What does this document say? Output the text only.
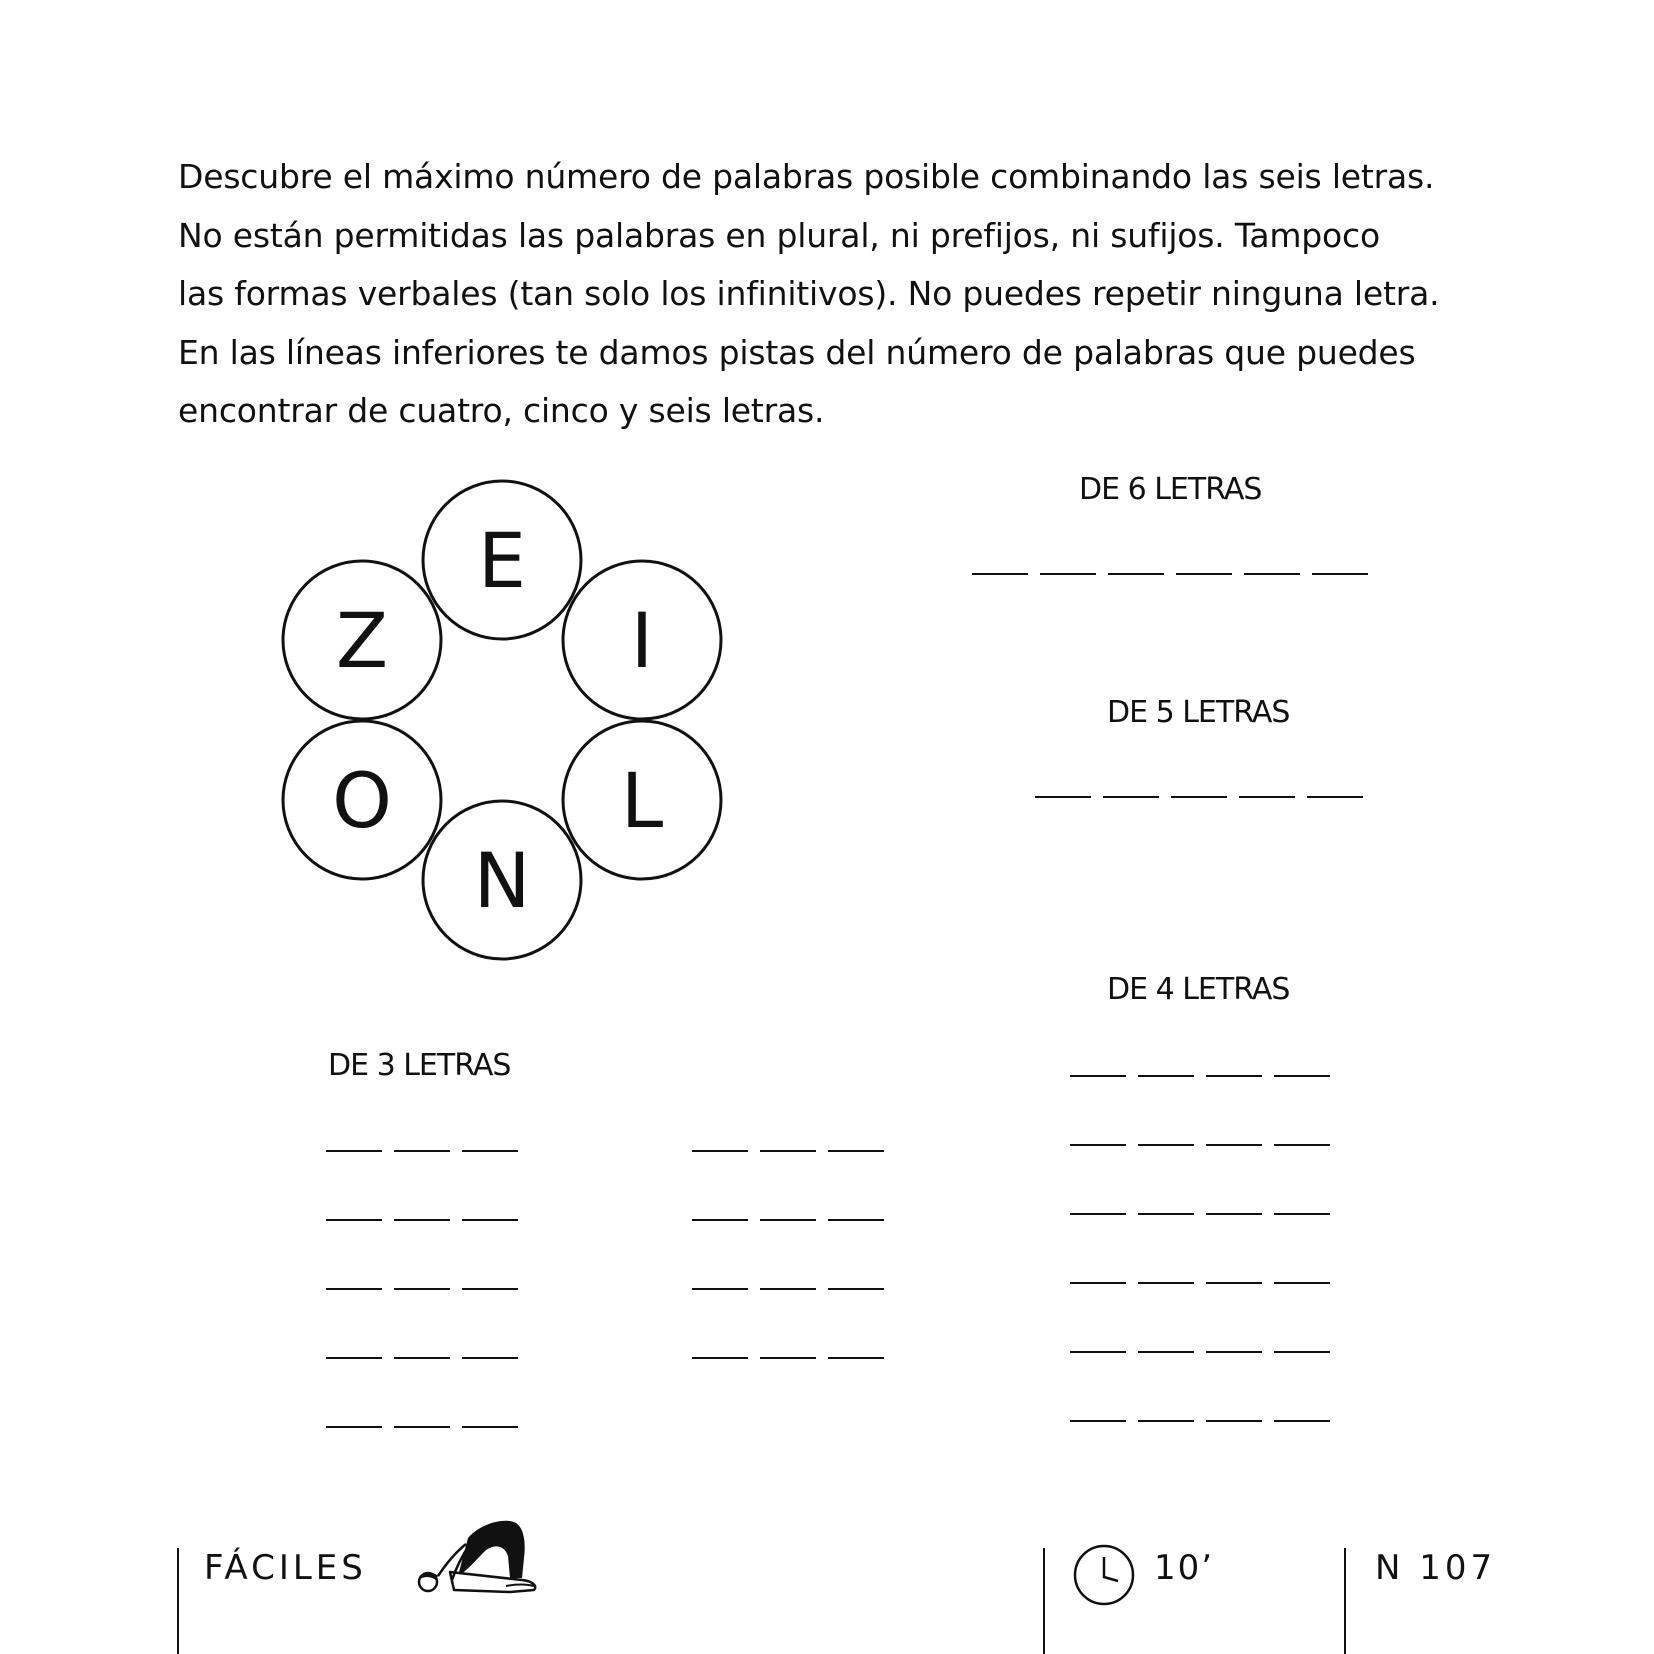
Descubre el máximo número de palabras posible combinando las seis letras.

No están permitidas las palabras en plural, ni prefijos, ni sufijos. Tampoco

las formas verbales (tan solo los infinitivos). No puedes repetir ninguna letra.

En las líneas inferiores te damos pistas del número de palabras que puedes

encontrar de cuatro, cinco y seis letras.

E
I
L
N
O
Z
DE 6 LETRAS
DE 5 LETRAS
DE 4 LETRAS
DE 3 LETRAS
FÁCILES	10’	N 107
